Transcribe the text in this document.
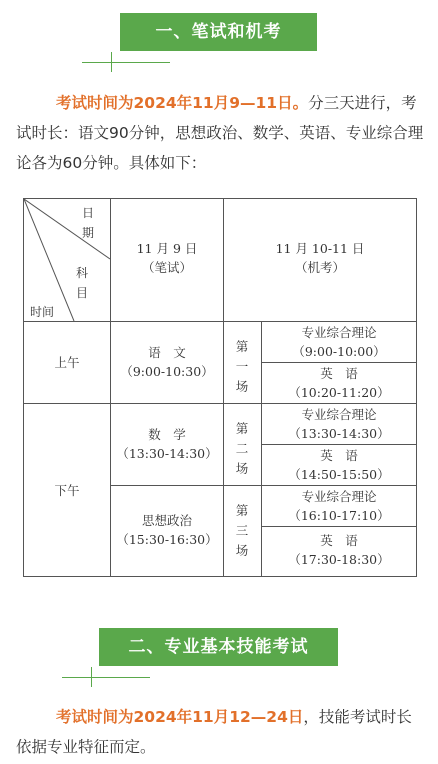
一、笔试和机考
考试时间为2024年11月9—11日。分三天进行，考试时长：语文90分钟，思想政治、数学、英语、专业综合理论各为60分钟。具体如下：
日期
科目
时间
11 月 9 日
（笔试）
11 月 10-11 日
（机考）
上午
下午
语　文
（9:00-10:30）
数　学
（13:30-14:30）
思想政治
（15:30-16:30）
第
一
场
第
二
场
第
三
场
专业综合理论
（9:00-10:00）
英　语
（10:20-11:20）
专业综合理论
（13:30-14:30）
英　语
（14:50-15:50）
专业综合理论
（16:10-17:10）
英　语
（17:30-18:30）
二、专业基本技能考试
考试时间为2024年11月12—24日，技能考试时长依据专业特征而定。
